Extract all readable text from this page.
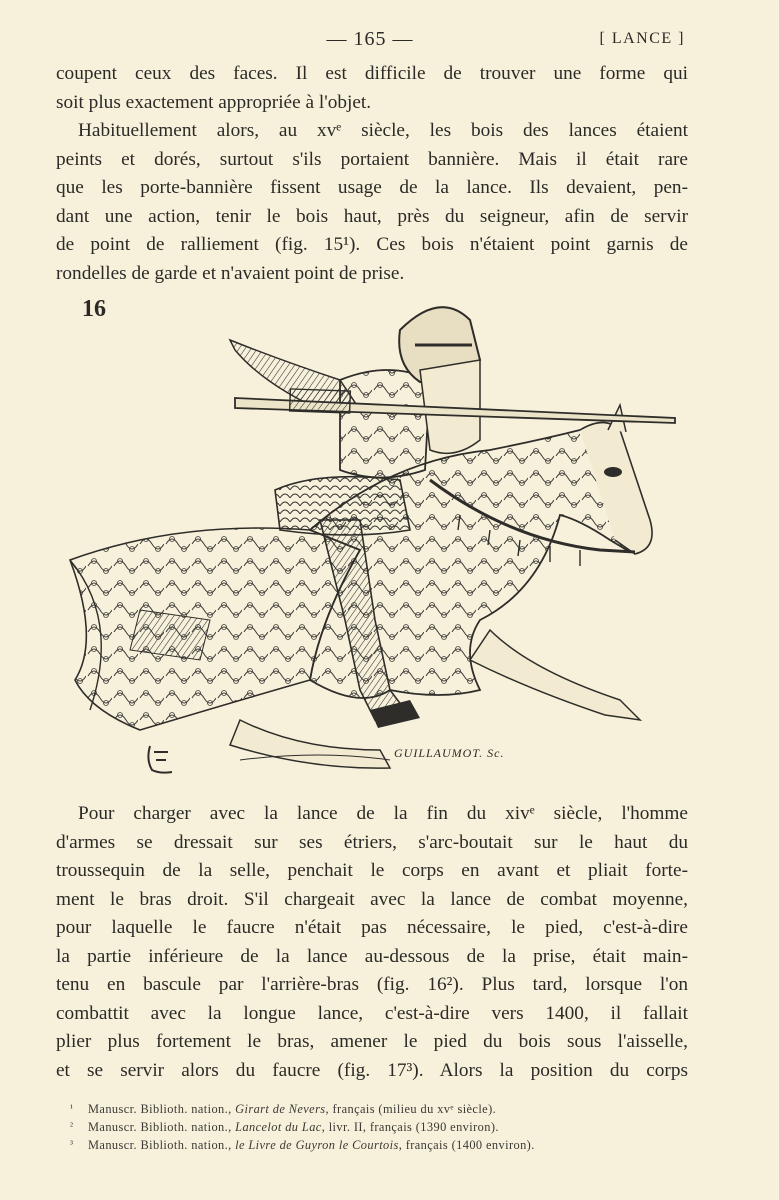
— 165 —	[ LANCE ]
coupent ceux des faces. Il est difficile de trouver une forme qui
soit plus exactement appropriée à l'objet.
Habituellement alors, au xvᵉ siècle, les bois des lances étaient
peints et dorés, surtout s'ils portaient bannière. Mais il était rare
que les porte-bannière fissent usage de la lance. Ils devaient, pen-
dant une action, tenir le bois haut, près du seigneur, afin de servir
de point de ralliement (fig. 15¹). Ces bois n'étaient point garnis de
rondelles de garde et n'avaient point de prise.
16
GUILLAUMOT. Sc.
Pour charger avec la lance de la fin du xivᵉ siècle, l'homme
d'armes se dressait sur ses étriers, s'arc-boutait sur le haut du
troussequin de la selle, penchait le corps en avant et pliait forte-
ment le bras droit. S'il chargeait avec la lance de combat moyenne,
pour laquelle le faucre n'était pas nécessaire, le pied, c'est-à-dire
la partie inférieure de la lance au-dessous de la prise, était main-
tenu en bascule par l'arrière-bras (fig. 16²). Plus tard, lorsque l'on
combattit avec la longue lance, c'est-à-dire vers 1400, il fallait
plier plus fortement le bras, amener le pied du bois sous l'aisselle,
et se servir alors du faucre (fig. 17³). Alors la position du corps
¹ Manuscr. Biblioth. nation., Girart de Nevers, français (milieu du xvᵉ siècle).
² Manuscr. Biblioth. nation., Lancelot du Lac, livr. II, français (1390 environ).
³ Manuscr. Biblioth. nation., le Livre de Guyron le Courtois, français (1400 environ).
